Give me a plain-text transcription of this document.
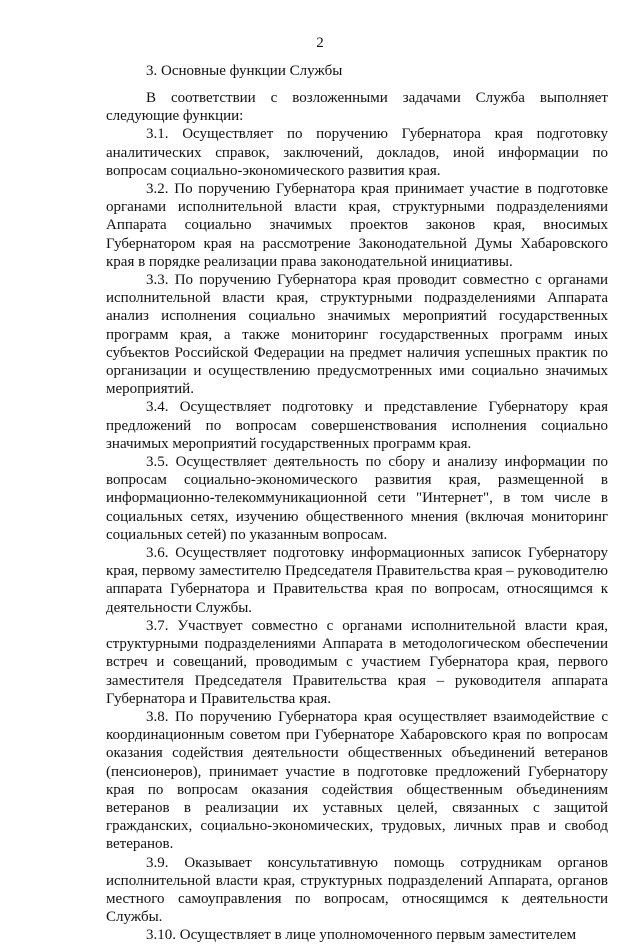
2
3. Основные функции Службы

В соответствии с возложенными задачами Служба выполняет следующие функции:

3.1. Осуществляет по поручению Губернатора края подготовку аналитических справок, заключений, докладов, иной информации по вопросам социально-экономического развития края.

3.2. По поручению Губернатора края принимает участие в подготовке органами исполнительной власти края, структурными подразделениями Аппарата социально значимых проектов законов края, вносимых Губернатором края на рассмотрение Законодательной Думы Хабаровского края в порядке реализации права законодательной инициативы.

3.3. По поручению Губернатора края проводит совместно с органами исполнительной власти края, структурными подразделениями Аппарата анализ исполнения социально значимых мероприятий государственных программ края, а также мониторинг государственных программ иных субъектов Российской Федерации на предмет наличия успешных практик по организации и осуществлению предусмотренных ими социально значимых мероприятий.

3.4. Осуществляет подготовку и представление Губернатору края предложений по вопросам совершенствования исполнения социально значимых мероприятий государственных программ края.

3.5. Осуществляет деятельность по сбору и анализу информации по вопросам социально-экономического развития края, размещенной в информационно-телекоммуникационной сети "Интернет", в том числе в социальных сетях, изучению общественного мнения (включая мониторинг социальных сетей) по указанным вопросам.

3.6. Осуществляет подготовку информационных записок Губернатору края, первому заместителю Председателя Правительства края – руководителю аппарата Губернатора и Правительства края по вопросам, относящимся к деятельности Службы.

3.7. Участвует совместно с органами исполнительной власти края, структурными подразделениями Аппарата в методологическом обеспечении встреч и совещаний, проводимым с участием Губернатора края, первого заместителя Председателя Правительства края – руководителя аппарата Губернатора и Правительства края.

3.8. По поручению Губернатора края осуществляет взаимодействие с координационным советом при Губернаторе Хабаровского края по вопросам оказания содействия деятельности общественных объединений ветеранов (пенсионеров), принимает участие в подготовке предложений Губернатору края по вопросам оказания содействия общественным объединениям ветеранов в реализации их уставных целей, связанных с защитой гражданских, социально-экономических, трудовых, личных прав и свобод ветеранов.

3.9. Оказывает консультативную помощь сотрудникам органов исполнительной власти края, структурных подразделений Аппарата, органов местного самоуправления по вопросам, относящимся к деятельности Службы.

3.10. Осуществляет в лице уполномоченного первым заместителем
